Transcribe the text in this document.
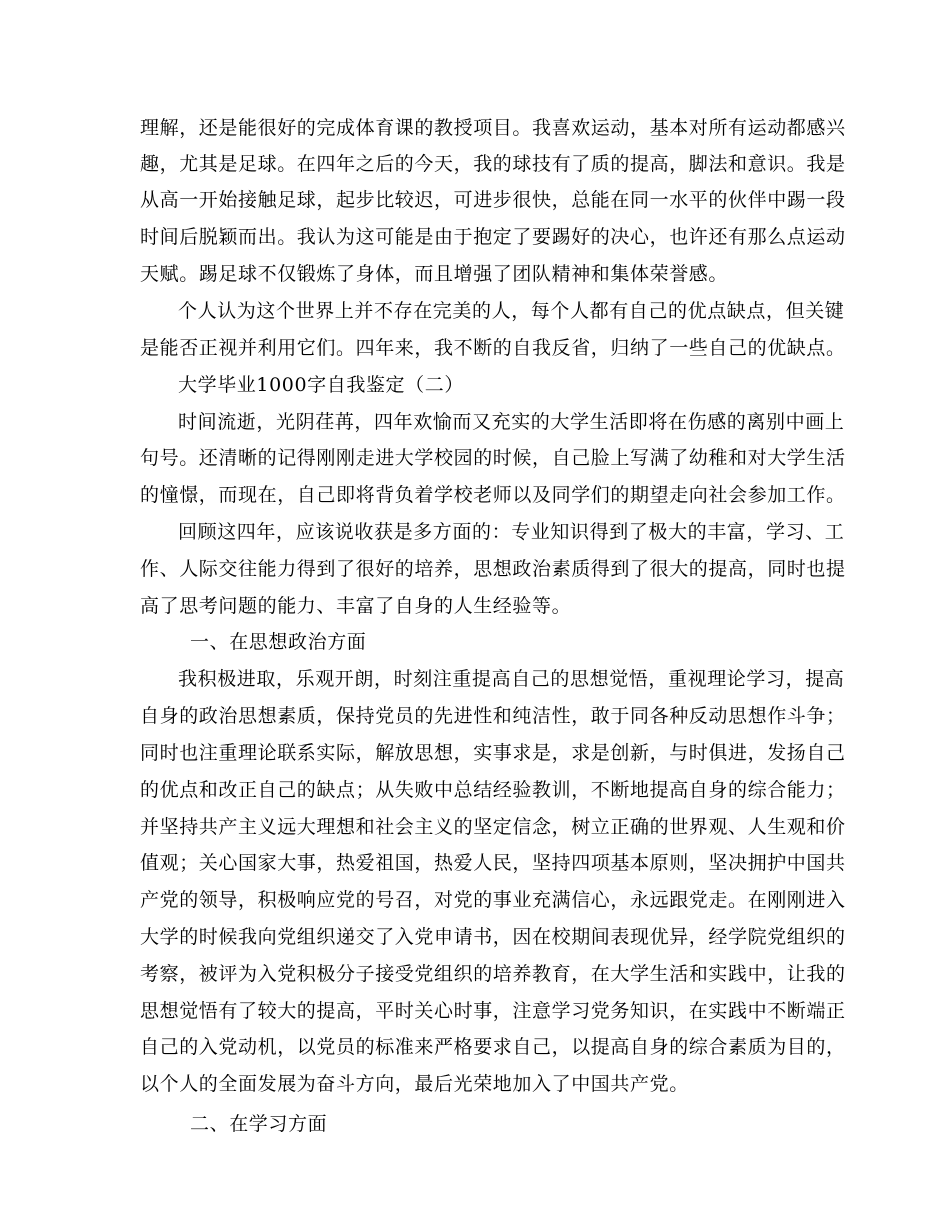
理解，还是能很好的完成体育课的教授项目。我喜欢运动，基本对所有运动都感兴
趣，尤其是足球。在四年之后的今天，我的球技有了质的提高，脚法和意识。我是
从高一开始接触足球，起步比较迟，可进步很快，总能在同一水平的伙伴中踢一段
时间后脱颖而出。我认为这可能是由于抱定了要踢好的决心，也许还有那么点运动
天赋。踢足球不仅锻炼了身体，而且增强了团队精神和集体荣誉感。
个人认为这个世界上并不存在完美的人，每个人都有自己的优点缺点，但关键
是能否正视并利用它们。四年来，我不断的自我反省，归纳了一些自己的优缺点。
大学毕业1000字自我鉴定（二）
时间流逝，光阴荏苒，四年欢愉而又充实的大学生活即将在伤感的离别中画上
句号。还清晰的记得刚刚走进大学校园的时候，自己脸上写满了幼稚和对大学生活
的憧憬，而现在，自己即将背负着学校老师以及同学们的期望走向社会参加工作。
回顾这四年，应该说收获是多方面的：专业知识得到了极大的丰富，学习、工
作、人际交往能力得到了很好的培养，思想政治素质得到了很大的提高，同时也提
高了思考问题的能力、丰富了自身的人生经验等。
一、在思想政治方面
我积极进取，乐观开朗，时刻注重提高自己的思想觉悟，重视理论学习，提高
自身的政治思想素质，保持党员的先进性和纯洁性，敢于同各种反动思想作斗争；
同时也注重理论联系实际，解放思想，实事求是，求是创新，与时俱进，发扬自己
的优点和改正自己的缺点；从失败中总结经验教训，不断地提高自身的综合能力；
并坚持共产主义远大理想和社会主义的坚定信念，树立正确的世界观、人生观和价
值观；关心国家大事，热爱祖国，热爱人民，坚持四项基本原则，坚决拥护中国共
产党的领导，积极响应党的号召，对党的事业充满信心，永远跟党走。在刚刚进入
大学的时候我向党组织递交了入党申请书，因在校期间表现优异，经学院党组织的
考察，被评为入党积极分子接受党组织的培养教育，在大学生活和实践中，让我的
思想觉悟有了较大的提高，平时关心时事，注意学习党务知识，在实践中不断端正
自己的入党动机，以党员的标准来严格要求自己，以提高自身的综合素质为目的，
以个人的全面发展为奋斗方向，最后光荣地加入了中国共产党。
二、在学习方面
